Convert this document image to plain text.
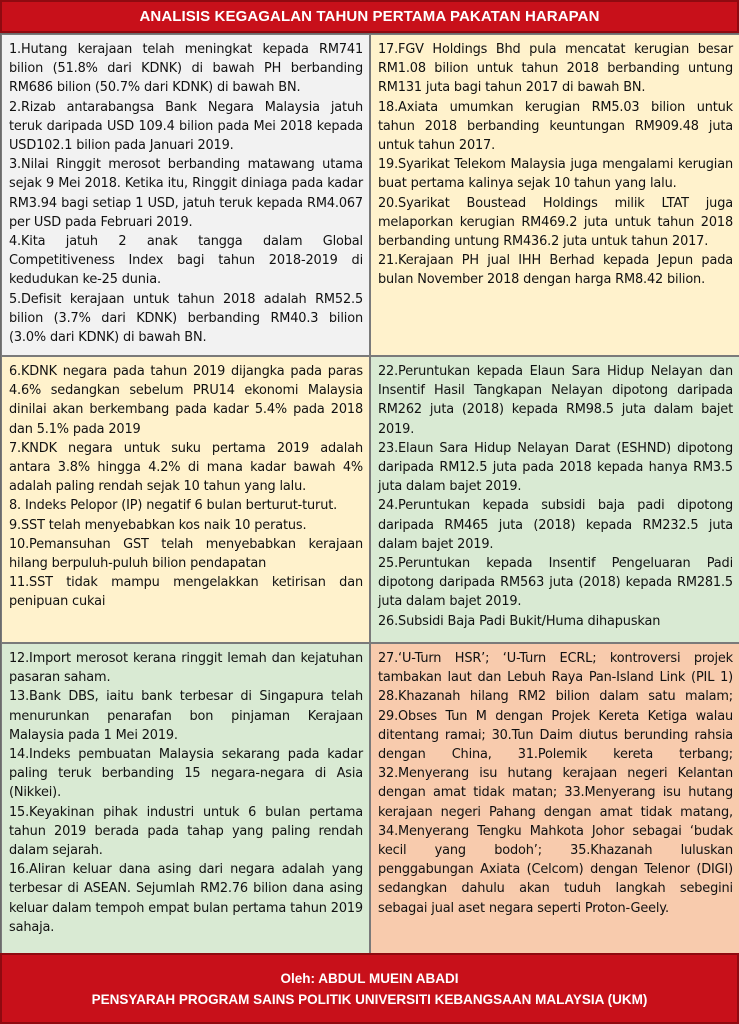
ANALISIS KEGAGALAN TAHUN PERTAMA PAKATAN HARAPAN

1.Hutang kerajaan telah meningkat kepada RM741 bilion (51.8% dari KDNK) di bawah PH berbanding RM686 bilion (50.7% dari KDNK) di bawah BN.

2.Rizab antarabangsa Bank Negara Malaysia jatuh teruk daripada USD 109.4 bilion pada Mei 2018 kepada USD102.1 bilion pada Januari 2019.

3.Nilai Ringgit merosot berbanding matawang utama sejak 9 Mei 2018. Ketika itu, Ringgit diniaga pada kadar RM3.94 bagi setiap 1 USD, jatuh teruk kepada RM4.067 per USD pada Februari 2019.

4.Kita jatuh 2 anak tangga dalam Global Competitiveness Index bagi tahun 2018-2019 di kedudukan ke-25 dunia.

5.Defisit kerajaan untuk tahun 2018 adalah RM52.5 bilion (3.7% dari KDNK) berbanding RM40.3 bilion (3.0% dari KDNK) di bawah BN.

17.FGV Holdings Bhd pula mencatat kerugian besar RM1.08 bilion untuk tahun 2018 berbanding untung RM131 juta bagi tahun 2017 di bawah BN.

18.Axiata umumkan kerugian RM5.03 bilion untuk tahun 2018 berbanding keuntungan RM909.48 juta untuk tahun 2017.

19.Syarikat Telekom Malaysia juga mengalami kerugian buat pertama kalinya sejak 10 tahun yang lalu.

20.Syarikat Boustead Holdings milik LTAT juga melaporkan kerugian RM469.2 juta untuk tahun 2018 berbanding untung RM436.2 juta untuk tahun 2017.

21.Kerajaan PH jual IHH Berhad kepada Jepun pada bulan November 2018 dengan harga RM8.42 bilion.

6.KDNK negara pada tahun 2019 dijangka pada paras 4.6% sedangkan sebelum PRU14 ekonomi Malaysia dinilai akan berkembang pada kadar 5.4% pada 2018 dan 5.1% pada 2019

7.KNDK negara untuk suku pertama 2019 adalah antara 3.8% hingga 4.2% di mana kadar bawah 4% adalah paling rendah sejak 10 tahun yang lalu.

8. Indeks Pelopor (IP) negatif 6 bulan berturut-turut.

9.SST telah menyebabkan kos naik 10 peratus.

10.Pemansuhan GST telah menyebabkan kerajaan hilang berpuluh-puluh bilion pendapatan

11.SST tidak mampu mengelakkan ketirisan dan penipuan cukai

22.Peruntukan kepada Elaun Sara Hidup Nelayan dan Insentif Hasil Tangkapan Nelayan dipotong daripada RM262 juta (2018) kepada RM98.5 juta dalam bajet 2019.

23.Elaun Sara Hidup Nelayan Darat (ESHND) dipotong daripada RM12.5 juta pada 2018 kepada hanya RM3.5 juta dalam bajet 2019.

24.Peruntukan kepada subsidi baja padi dipotong daripada RM465 juta (2018) kepada RM232.5 juta dalam bajet 2019.

25.Peruntukan kepada Insentif Pengeluaran Padi dipotong daripada RM563 juta (2018) kepada RM281.5 juta dalam bajet 2019.

26.Subsidi Baja Padi Bukit/Huma dihapuskan

12.Import merosot kerana ringgit lemah dan kejatuhan pasaran saham.

13.Bank DBS, iaitu bank terbesar di Singapura telah menurunkan penarafan bon pinjaman Kerajaan Malaysia pada 1 Mei 2019.

14.Indeks pembuatan Malaysia sekarang pada kadar paling teruk berbanding 15 negara-negara di Asia (Nikkei).

15.Keyakinan pihak industri untuk 6 bulan pertama tahun 2019 berada pada tahap yang paling rendah dalam sejarah.

16.Aliran keluar dana asing dari negara adalah yang terbesar di ASEAN. Sejumlah RM2.76 bilion dana asing keluar dalam tempoh empat bulan pertama tahun 2019 sahaja.

27.‘U-Turn HSR’; ‘U-Turn ECRL; kontroversi projek tambakan laut dan Lebuh Raya Pan-Island Link (PIL 1) 28.Khazanah hilang RM2 bilion dalam satu malam; 29.Obses Tun M dengan Projek Kereta Ketiga walau ditentang ramai; 30.Tun Daim diutus berunding rahsia dengan China, 31.Polemik kereta terbang; 32.Menyerang isu hutang kerajaan negeri Kelantan dengan amat tidak matan; 33.Menyerang isu hutang kerajaan negeri Pahang dengan amat tidak matang, 34.Menyerang Tengku Mahkota Johor sebagai ‘budak kecil yang bodoh’; 35.Khazanah luluskan penggabungan Axiata (Celcom) dengan Telenor (DIGI) sedangkan dahulu akan tuduh langkah sebegini sebagai jual aset negara seperti Proton-Geely.

Oleh: ABDUL MUEIN ABADI
PENSYARAH PROGRAM SAINS POLITIK UNIVERSITI KEBANGSAAN MALAYSIA (UKM)
